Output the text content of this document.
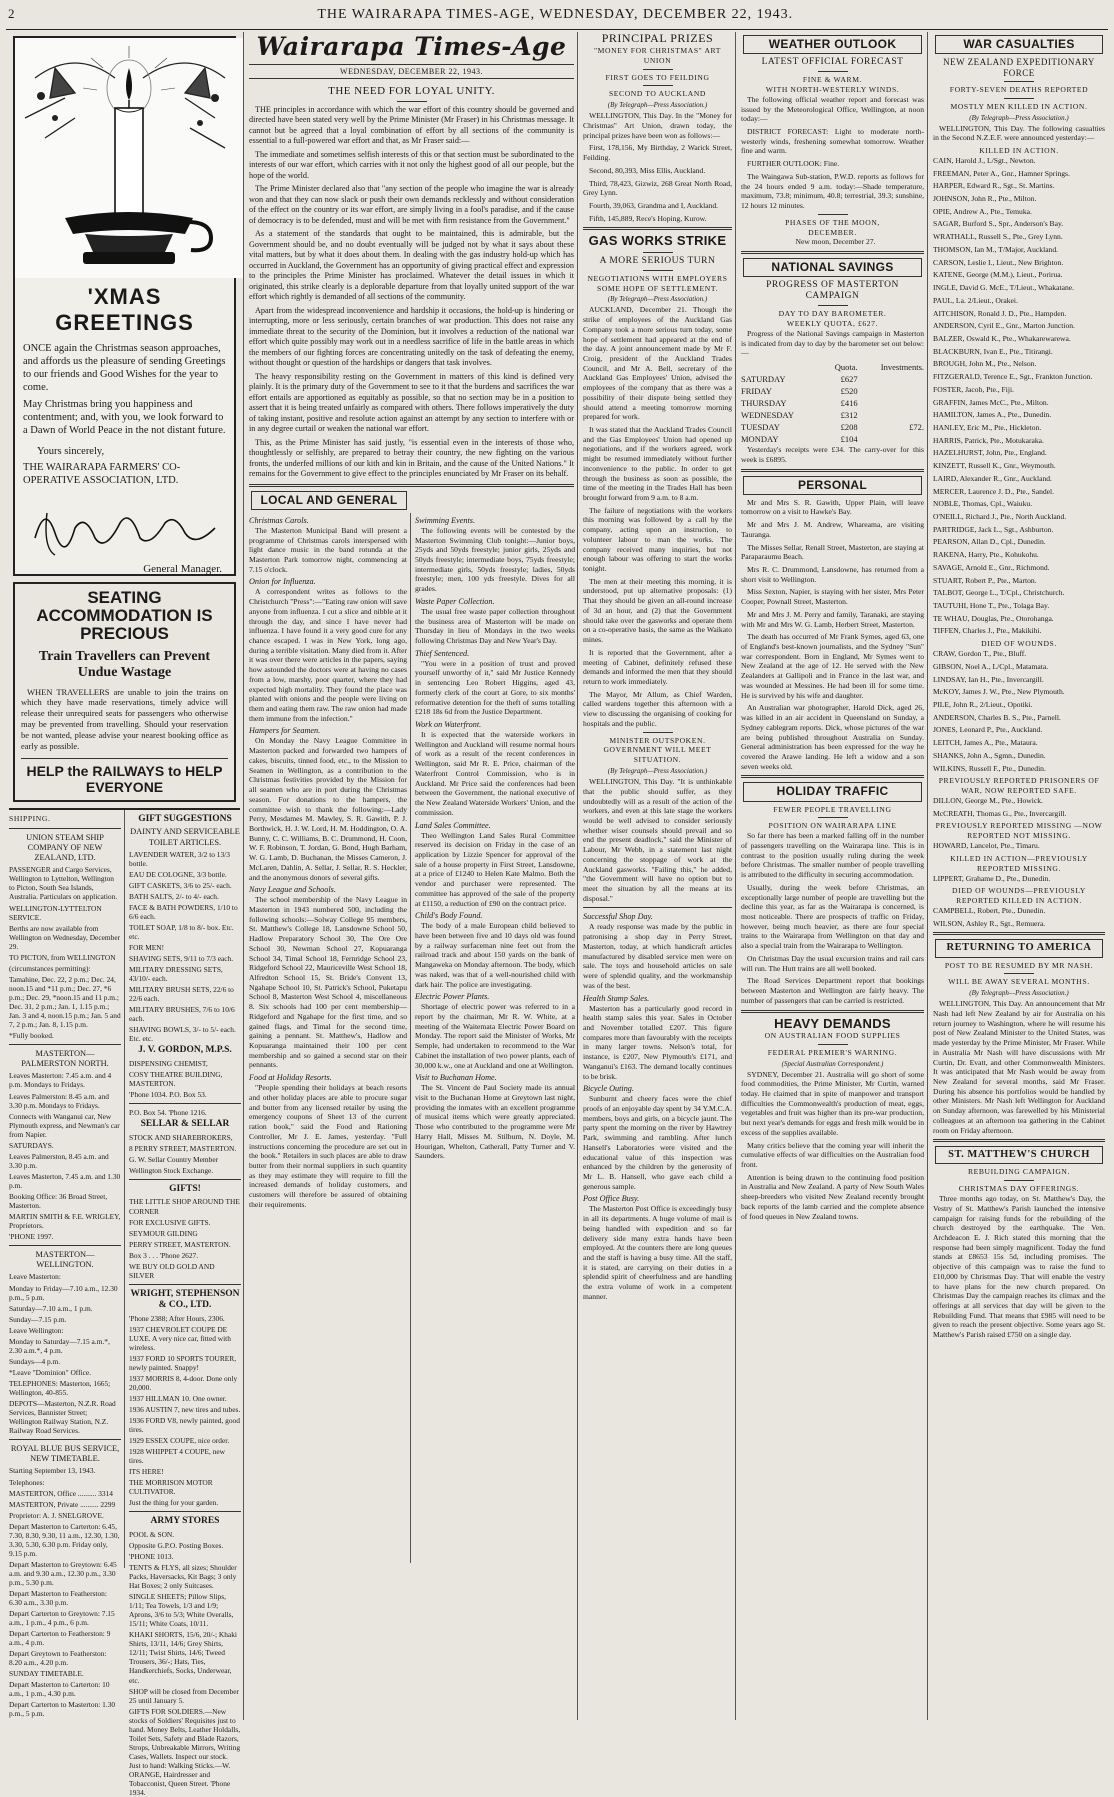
2	THE WAIRARAPA TIMES-AGE, WEDNESDAY, DECEMBER 22, 1943.
'XMAS GREETINGS

ONCE again the Christmas season approaches, and affords us the pleasure of sending Greetings to our friends and Good Wishes for the year to come.

May Christmas bring you happiness and contentment; and, with you, we look forward to a Dawn of World Peace in the not distant future.

Yours sincerely,

THE WAIRARAPA FARMERS' CO-OPERATIVE ASSOCIATION, LTD.

General Manager.
SEATING ACCOMMODATION IS PRECIOUS
Train Travellers can Prevent Undue Wastage

WHEN TRAVELLERS are unable to join the trains on which they have made reservations, timely advice will release their unrequired seats for passengers who otherwise may be prevented from travelling. Should your reservation be not wanted, please advise your nearest booking office as early as possible.

HELP the RAILWAYS to HELP EVERYONE
SHIPPING.

UNION STEAM SHIP COMPANY OF NEW ZEALAND, LTD.

PASSENGER and Cargo Services, Wellington to Lyttelton, Wellington to Picton, South Sea Islands, Australia. Particulars on application.

WELLINGTON-LYTTELTON SERVICE.

Berths are now available from Wellington on Wednesday, December 29.

TO PICTON, from WELLINGTON

(circumstances permitting):

Tamahine, Dec. 22, 2 p.m.; Dec. 24, noon.15 and *11 p.m.; Dec. 27, *6 p.m.; Dec. 29, *noon.15 and 11 p.m.; Dec. 31, 2 p.m.; Jan. 1, 1.15 p.m.; Jan. 3 and 4, noon.15 p.m.; Jan. 5 and 7, 2 p.m.; Jan. 8, 1.15 p.m.

*Fully booked.

MASTERTON—PALMERSTON NORTH.

Leaves Masterton: 7.45 a.m. and 4 p.m. Mondays to Fridays.

Leaves Palmerston: 8.45 a.m. and 3.30 p.m. Mondays to Fridays.

Connects with Wanganui car, New Plymouth express, and Newman's car from Napier.

SATURDAYS.

Leaves Palmerston, 8.45 a.m. and 3.30 p.m.

Leaves Masterton, 7.45 a.m. and 1.30 p.m.

Booking Office: 36 Broad Street, Masterton.

MARTIN SMITH & F.E. WRIGLEY, Proprietors.

'PHONE 1997.

MASTERTON—WELLINGTON.

Leave Masterton:

Monday to Friday—7.10 a.m., 12.30 p.m., 5 p.m.

Saturday—7.10 a.m., 1 p.m.

Sunday—7.15 p.m.

Leave Wellington:

Monday to Saturday—7.15 a.m.*, 2.30 a.m.*, 4 p.m.

Sundays—4 p.m.

*Leave "Dominion" Office.

TELEPHONES: Masterton, 1665; Wellington, 40-855.

DEPOTS—Masterton, N.Z.R. Road Services, Bannister Street; Wellington Railway Station, N.Z. Railway Road Services.

ROYAL BLUE BUS SERVICE, NEW TIMETABLE.

Starting September 13, 1943.

Telephones:

MASTERTON, Office .......... 3314

MASTERTON, Private .......... 2299

Proprietor: A. J. SNELGROVE.

Depart Masterton to Carterton: 6.45, 7.30, 8.30, 9.30, 11 a.m., 12.30, 1.30, 3.30, 5.30, 6.30 p.m. Friday only, 9.15 p.m.

Depart Masterton to Greytown: 6.45 a.m. and 9.30 a.m., 12.30 p.m., 3.30 p.m., 5.30 p.m.

Depart Masterton to Featherston: 6.30 a.m., 3.30 p.m.

Depart Carterton to Greytown: 7.15 a.m., 1 p.m., 4 p.m., 6 p.m.

Depart Carterton to Featherston: 9 a.m., 4 p.m.

Depart Greytown to Featherston: 8.20 a.m., 4.20 p.m.

SUNDAY TIMETABLE.

Depart Masterton to Carterton: 10 a.m., 1 p.m., 4.30 p.m.

Depart Carterton to Masterton: 1.30 p.m., 5 p.m.

GIFT SUGGESTIONS

DAINTY AND SERVICEABLE TOILET ARTICLES.

LAVENDER WATER, 3/2 to 13/3 bottle.

EAU DE COLOGNE, 3/3 bottle.

GIFT CASKETS, 3/6 to 25/- each.

BATH SALTS, 2/- to 4/- each.

FACE & BATH POWDERS, 1/10 to 6/6 each.

TOILET SOAP, 1/8 to 8/- box. Etc. etc.

FOR MEN!

SHAVING SETS, 9/11 to 7/3 each.

MILITARY DRESSING SETS, 43/10/- each.

MILITARY BRUSH SETS, 22/6 to 22/6 each.

MILITARY BRUSHES, 7/6 to 10/6 each.

SHAVING BOWLS, 3/- to 5/- each. Etc. etc.

J. V. GORDON, M.P.S.

DISPENSING CHEMIST,

COSY THEATRE BUILDING, MASTERTON.

'Phone 1034. P.O. Box 53.

P.O. Box 54. 'Phone 1216.

SELLAR & SELLAR

STOCK AND SHAREBROKERS,

8 PERRY STREET, MASTERTON.

G. W. Sellar Country Member

Wellington Stock Exchange.

GIFTS!

THE LITTLE SHOP AROUND THE CORNER

FOR EXCLUSIVE GIFTS.

SEYMOUR GILDING

PERRY STREET, MASTERTON.

Box 3 . . . 'Phone 2627.

WE BUY OLD GOLD AND SILVER

WRIGHT, STEPHENSON & CO., LTD.

'Phone 2388; After Hours, 2306.

1937 CHEVROLET COUPE DE LUXE. A very nice car, fitted with wireless.

1937 FORD 10 SPORTS TOURER, newly painted. Snappy!

1937 MORRIS 8, 4-door. Done only 20,000.

1937 HILLMAN 10. One owner.

1936 AUSTIN 7, new tires and tubes.

1936 FORD V8, newly painted, good tires.

1929 ESSEX COUPE, nice order.

1928 WHIPPET 4 COUPE, new tires.

ITS HERE!

THE MORRISON MOTOR CULTIVATOR.

Just the thing for your garden.

ARMY STORES

POOL & SON.

Opposite G.P.O. Posting Boxes.

'PHONE 1013.

TENTS & FLYS, all sizes; Shoulder Packs, Haversacks, Kit Bags; 3 only Hat Boxes; 2 only Suitcases.

SINGLE SHEETS; Pillow Slips, 1/11; Tea Towels, 1/3 and 1/9; Aprons, 3/6 to 5/3; White Overalls, 15/11; White Coats, 10/11.

KHAKI SHORTS, 15/6, 20/-; Khaki Shirts, 13/11, 14/6; Grey Shirts, 12/11; Twist Shirts, 14/6; Tweed Trousers, 36/-; Hats, Ties, Handkerchiefs, Socks, Underwear, etc.

SHOP will be closed from December 25 until January 5.

GIFTS FOR SOLDIERS.—New stocks of Soldiers' Requisites just to hand. Money Belts, Leather Holdalls, Toilet Sets, Safety and Blade Razors, Strops, Unbreakable Mirrors, Writing Cases, Wallets. Inspect our stock. Just to hand: Walking Sticks.—W. ORANGE, Hairdresser and Tobacconist, Queen Street. 'Phone 1934.

Wairarapa Times-Age
WEDNESDAY, DECEMBER 22, 1943.
THE NEED FOR LOYAL UNITY.

THE principles in accordance with which the war effort of this country should be governed and directed have been stated very well by the Prime Minister (Mr Fraser) in his Christmas message. It cannot but be agreed that a loyal combination of effort by all sections of the community is essential to a full-powered war effort and that, as Mr Fraser said:—

The immediate and sometimes selfish interests of this or that section must be subordinated to the interests of our war effort, which carries with it not only the highest good of all our people, but the hope of the world.

The Prime Minister declared also that "any section of the people who imagine the war is already won and that they can now slack or push their own demands recklessly and without consideration of the effect on the country or its war effort, are simply living in a fool's paradise, and if the cause of democracy is to be defended, must and will be met with firm resistance from the Government."

As a statement of the standards that ought to be maintained, this is admirable, but the Government should be, and no doubt eventually will be judged not by what it says about these vital matters, but by what it does about them. In dealing with the gas industry hold-up which has occurred in Auckland, the Government has an opportunity of giving practical effect and expression to the principles the Prime Minister has proclaimed. Whatever the detail issues in which it originated, this strike clearly is a deplorable departure from that loyally united support of the war effort which rightly is demanded of all sections of the community.

Apart from the widespread inconvenience and hardship it occasions, the hold-up is hindering or interrupting, more or less seriously, certain branches of war production. This does not raise any immediate threat to the security of the Dominion, but it involves a reduction of the national war effort which quite possibly may work out in a needless sacrifice of life in the battle areas in which the members of our fighting forces are concentrating unitedly on the task of defeating the enemy, without thought or question of the hardships or dangers that task involves.

The heavy responsibility resting on the Government in matters of this kind is defined very plainly. It is the primary duty of the Government to see to it that the burdens and sacrifices the war effort entails are apportioned as equitably as possible, so that no section may be in a position to assert that it is being treated unfairly as compared with others. There follows imperatively the duty of taking instant, positive and resolute action against an attempt by any section to interfere with or in any degree curtail or weaken the national war effort.

This, as the Prime Minister has said justly, "is essential even in the interests of those who, thoughtlessly or selfishly, are prepared to betray their country, the new fighting on the various fronts, the underfed millions of our kith and kin in Britain, and the cause of the United Nations." It remains for the Government to give effect to the principles enunciated by Mr Fraser on its behalf.

LOCAL AND GENERAL
Christmas Carols.

The Masterton Municipal Band will present a programme of Christmas carols interspersed with light dance music in the band rotunda at the Masterton Park tomorrow night, commencing at 7.15 o'clock.

Onion for Influenza.

A correspondent writes as follows to the Christchurch "Press":—"Eating raw onion will save anyone from influenza. I cut a slice and nibble at it through the day, and since I have never had influenza. I have found it a very good cure for any chance escaped. I was in New York, long ago, during a terrible visitation. Many died from it. After it was over there were articles in the papers, saying how astounded the doctors were at having no cases from a low, marshy, poor quarter, where they had expected high mortality. They found the place was planted with onions and the people were living on them and eating them raw. The raw onion had made them immune from the infection."

Hampers for Seamen.

On Monday the Navy League Committee in Masterton packed and forwarded two hampers of cakes, biscuits, tinned food, etc., to the Mission to Seamen in Wellington, as a contribution to the Christmas festivities provided by the Mission for all seamen who are in port during the Christmas season. For donations to the hampers, the committee wish to thank the following:—Lady Perry, Mesdames M. Mawley, S. R. Gawith, P. J. Borthwick, H. J. W. Lord, H. M. Hoddington, O. A. Bunny, C. C. Williams, B. C. Drummond, H. Coon, W. F. Robinson, T. Jordan, G. Bond, Hugh Barham, W. G. Lamb, D. Buchanan, the Misses Cameron, J. McLaren, Dahlin, A. Sellar, J. Sellar, R. S. Heckler, and the anonymous donors of several gifts.

Navy League and Schools.

The school membership of the Navy League in Masterton in 1943 numbered 500, including the following schools:—Solway College 95 members, St. Matthew's College 18, Lansdowne School 50, Hadlow Preparatory School 30, The Ore Ore School 30, Newman School 27, Kopuaranga School 34, Timal School 18, Fernridge School 23, Ridgeford School 22, Mauriceville West School 18, Alfredton School 15, St. Bride's Convent 13, Ngahape School 10, St. Patrick's School, Puketapu School 8, Masterton West School 4, miscellaneous 8. Six schools had 100 per cent membership—Ridgeford and Ngahape for the first time, and so gained flags, and Timal for the second time, gaining a pennant. St. Matthew's, Hadlow and Kopuaranga maintained their 100 per cent membership and so gained a second star on their pennants.

Food at Holiday Resorts.

"People spending their holidays at beach resorts and other holiday places are able to procure sugar and butter from any licensed retailer by using the emergency coupons of Sheet 13 of the current ration book," said the Food and Rationing Controller, Mr J. E. James, yesterday. "Full instructions concerning the procedure are set out in the book." Retailers in such places are able to draw butter from their normal suppliers in such quantity as they may estimate they will require to fill the increased demands of holiday customers, and customers will therefore be assured of obtaining their requirements.

Swimming Events.

The following events will be contested by the Masterton Swimming Club tonight:—Junior boys, 25yds and 50yds freestyle; junior girls, 25yds and 50yds freestyle; intermediate boys, 75yds freestyle; intermediate girls, 50yds freestyle; ladies, 50yds freestyle; men, 100 yds freestyle. Dives for all grades.

Waste Paper Collection.

The usual free waste paper collection throughout the business area of Masterton will be made on Thursday in lieu of Mondays in the two weeks following Christmas Day and New Year's Day.

Thief Sentenced.

"You were in a position of trust and proved yourself unworthy of it," said Mr Justice Kennedy in sentencing Leo Robert Higgins, aged 43, formerly clerk of the court at Gore, to six months' reformative detention for the theft of sums totalling £218 18s 6d from the Justice Department.

Work on Waterfront.

It is expected that the waterside workers in Wellington and Auckland will resume normal hours of work as a result of the recent conferences in Wellington, said Mr R. E. Price, chairman of the Waterfront Control Commission, who is in Auckland. Mr Price said the conferences had been between the Government, the national executive of the New Zealand Waterside Workers' Union, and the commission.

Land Sales Committee.

Theo Wellington Land Sales Rural Committee reserved its decision on Friday in the case of an application by Lizzie Spencer for approval of the sale of a house property in First Street, Lansdowne, at a price of £1240 to Helen Kate Malmo. Both the vendor and purchaser were represented. The committee has approved of the sale of the property at £1150, a reduction of £90 on the contract price.

Child's Body Found.

The body of a male European child believed to have been between five and 10 days old was found by a railway surfaceman nine feet out from the railroad track and about 150 yards on the bank of Mangaweka on Monday afternoon. The body, which was naked, was that of a well-nourished child with dark hair. The police are investigating.

Electric Power Plants.

Shortage of electric power was referred to in a report by the chairman, Mr R. W. White, at a meeting of the Waitemata Electric Power Board on Monday. The report said the Minister of Works, Mr Semple, had undertaken to recommend to the War Cabinet the installation of two power plants, each of 30,000 k.w., one at Auckland and one at Wellington.

Visit to Buchanan Home.

The St. Vincent de Paul Society made its annual visit to the Buchanan Home at Greytown last night, providing the inmates with an excellent programme of musical items which were greatly appreciated. Those who contributed to the programme were Mr Harry Hall, Misses M. Stilburn, N. Doyle, M. Hourigan, Whelton, Catherall, Patty Turner and V. Saunders.

PRINCIPAL PRIZES
"MONEY FOR CHRISTMAS" ART UNION
FIRST GOES TO FEILDING
SECOND TO AUCKLAND
(By Telegraph—Press Association.)

WELLINGTON, This Day. In the "Money for Christmas" Art Union, drawn today, the principal prizes have been won as follows:—

First, 178,156, My Birthday, 2 Warick Street, Feilding.

Second, 80,393, Miss Ellis, Auckland.

Third, 78,423, Gizwiz, 268 Great North Road, Grey Lynn.

Fourth, 39,063, Grandma and I, Auckland.

Fifth, 145,889, Rece's Hoping, Kurow.

GAS WORKS STRIKE
A MORE SERIOUS TURN
NEGOTIATIONS WITH EMPLOYERS
SOME HOPE OF SETTLEMENT.
(By Telegraph—Press Association.)

AUCKLAND, December 21. Though the strike of employees of the Auckland Gas Company took a more serious turn today, some hope of settlement had appeared at the end of the day. A joint announcement made by Mr F. Croig, president of the Auckland Trades Council, and Mr A. Bell, secretary of the Auckland Gas Employees' Union, advised the employees of the company that as there was a possibility of their dispute being settled they should attend a meeting tomorrow morning prepared for work.

It was stated that the Auckland Trades Council and the Gas Employees' Union had opened up negotiations, and if the workers agreed, work might be resumed immediately without further inconvenience to the public. In order to get through the business as soon as possible, the time of the meeting in the Trades Hall has been brought forward from 9 a.m. to 8 a.m.

The failure of negotiations with the workers this morning was followed by a call by the company, acting upon an instruction, to volunteer labour to man the works. The company received many inquiries, but not enough labour was offering to start the works tonight.

The men at their meeting this morning, it is understood, put up alternative proposals: (1) That they should be given an all-round increase of 3d an hour, and (2) that the Government should take over the gasworks and operate them on a co-operative basis, the same as the Waikato mines.

It is reported that the Government, after a meeting of Cabinet, definitely refused these demands and informed the men that they should return to work immediately.

The Mayor, Mr Allum, as Chief Warden, called wardens together this afternoon with a view to discussing the organising of cooking for hospitals and the public.

MINISTER OUTSPOKEN.
GOVERNMENT WILL MEET SITUATION.
(By Telegraph—Press Association.)

WELLINGTON, This Day. "It is unthinkable that the public should suffer, as they undoubtedly will as a result of the action of the workers, and even at this late stage the workers would be well advised to consider seriously whether wiser counsels should prevail and so end the present deadlock," said the Minister of Labour, Mr Webb, in a statement last night concerning the stoppage of work at the Auckland gasworks. "Failing this," he added, "the Government will have no option but to meet the situation by all the means at its disposal."

Successful Shop Day.

A ready response was made by the public in patronising a shop day in Perry Street, Masterton, today, at which handicraft articles manufactured by disabled service men were on sale. The toys and household articles on sale were of splendid quality, and the workmanship was of the best.

Health Stamp Sales.

Masterton has a particularly good record in health stamp sales this year. Sales in October and November totalled £207. This figure compares more than favourably with the receipts in many larger towns. Nelson's total, for instance, is £207, New Plymouth's £171, and Wanganui's £163. The demand locally continues to be brisk.

Bicycle Outing.

Sunburnt and cheery faces were the chief proofs of an enjoyable day spent by 34 Y.M.C.A. members, boys and girls, on a bicycle jaunt. The party spent the morning on the river by Hawtrey Park, swimming and rambling. After lunch Hansell's Laboratories were visited and the educational value of this inspection was enhanced by the children by the generosity of Mr L. B. Hansell, who gave each child a generous sample.

Post Office Busy.

The Masterton Post Office is exceedingly busy in all its departments. A huge volume of mail is being handled with expedition and so far delivery side many extra hands have been employed. At the counters there are long queues and the staff is having a busy time. All the staff, it is stated, are carrying on their duties in a splendid spirit of cheerfulness and are handling the extra volume of work in a competent manner.

WEATHER OUTLOOK
LATEST OFFICIAL FORECAST
FINE & WARM.
WITH NORTH-WESTERLY WINDS.

The following official weather report and forecast was issued by the Meteorological Office, Wellington, at noon today:—

DISTRICT FORECAST: Light to moderate north-westerly winds, freshening somewhat tomorrow. Weather fine and warm.

FURTHER OUTLOOK: Fine.

The Waingawa Sub-station, P.W.D. reports as follows for the 24 hours ended 9 a.m. today:—Shade temperature, maximum, 73.8; minimum, 40.8; terrestrial, 39.3; sunshine, 12 hours 12 minutes.

PHASES OF THE MOON,
DECEMBER.

New moon, December 27.

NATIONAL SAVINGS
PROGRESS OF MASTERTON CAMPAIGN
DAY TO DAY BAROMETER.
WEEKLY QUOTA, £627.

Progress of the National Savings campaign in Masterton is indicated from day to day by the barometer set out below:—

	Quota.	Investments.
SATURDAY	£627	
FRIDAY	£520	
THURSDAY	£416	
WEDNESDAY	£312	
TUESDAY	£208	£72.
MONDAY	£104	

Yesterday's receipts were £34. The carry-over for this week is £6895.

PERSONAL

Mr and Mrs S. R. Gawith, Upper Plain, will leave tomorrow on a visit to Hawke's Bay.

Mr and Mrs J. M. Andrew, Whareama, are visiting Tauranga.

The Misses Sellar, Renall Street, Masterton, are staying at Paraparaumu Beach.

Mrs R. C. Drummond, Lansdowne, has returned from a short visit to Wellington.

Miss Sexton, Napier, is staying with her sister, Mrs Peter Cooper, Pownall Street, Masterton.

Mr and Mrs J. M. Perry and family, Taranaki, are staying with Mr and Mrs W. G. Lamb, Herbert Street, Masterton.

The death has occurred of Mr Frank Symes, aged 63, one of England's best-known journalists, and the Sydney "Sun" war correspondent. Born in England, Mr Symes went to New Zealand at the age of 12. He served with the New Zealanders at Gallipoli and in France in the last war, and was wounded at Messines. He had been ill for some time. He is survived by his wife and daughter.

An Australian war photographer, Harold Dick, aged 26, was killed in an air accident in Queensland on Sunday, a Sydney cablegram reports. Dick, whose pictures of the war are being published throughout Australia on Sunday. General administration has been expressed for the way he covered the Arawe landing. He left a widow and a son seven weeks old.

HOLIDAY TRAFFIC
FEWER PEOPLE TRAVELLING
POSITION ON WAIRARAPA LINE

So far there has been a marked falling off in the number of passengers travelling on the Wairarapa line. This is in contrast to the position usually ruling during the week before Christmas. The smaller number of people travelling is attributed to the difficulty in securing accommodation.

Usually, during the week before Christmas, an exceptionally large number of people are travelling but the decline this year, as far as the Wairarapa is concerned, is most noticeable. There are prospects of traffic on Friday, however, being much heavier, as there are four special trains to the Wairarapa from Wellington on that day and also a special train from the Wairarapa to Wellington.

On Christmas Day the usual excursion trains and rail cars will run. The Hutt trains are all well booked.

The Road Services Department report that bookings between Masterton and Wellington are fairly heavy. The number of passengers that can be carried is restricted.

HEAVY DEMANDS
ON AUSTRALIAN FOOD SUPPLIES
FEDERAL PREMIER'S WARNING.
(Special Australian Correspondent.)

SYDNEY, December 21. Australia will go short of some food commodities, the Prime Minister, Mr Curtin, warned today. He claimed that in spite of manpower and transport difficulties the Commonwealth's production of meat, eggs, vegetables and fruit was higher than its pre-war production, but next year's demands for eggs and fresh milk would be in excess of the supplies available.

Many critics believe that the coming year will inherit the cumulative effects of war difficulties on the Australian food front.

Attention is being drawn to the continuing food position in Australia and New Zealand. A party of New South Wales sheep-breeders who visited New Zealand recently brought back reports of the lamb carried and the complete absence of food queues in New Zealand towns.

WAR CASUALTIES
NEW ZEALAND EXPEDITIONARY FORCE
FORTY-SEVEN DEATHS REPORTED
MOSTLY MEN KILLED IN ACTION.
(By Telegraph—Press Association.)

WELLINGTON, This Day. The following casualties in the Second N.Z.E.F. were announced yesterday:—

KILLED IN ACTION.

CAIN, Harold J., L/Sgt., Newton.

FREEMAN, Peter A., Gnr., Hamner Springs.

HARPER, Edward R., Sgt., St. Martins.

JOHNSON, John R., Pte., Milton.

OPIE, Andrew A., Pte., Temuka.

SAGAR, Burford S., Spr., Anderson's Bay.

WRATHALL, Russell S., Pte., Grey Lynn.

THOMSON, Ian M., T/Major, Auckland.

CARSON, Leslie I., Lieut., New Brighton.

KATENE, George (M.M.), Lieut., Porirua.

INGLE, David G. McE., T/Lieut., Whakatane.

PAUL, La. 2/Lieut., Orakei.

AITCHISON, Ronald J. D., Pte., Hampden.

ANDERSON, Cyril E., Gnr., Marton Junction.

BALZER, Oswald K., Pte., Whakarewarewa.

BLACKBURN, Ivan E., Pte., Titirangi.

BROUGH, John M., Pte., Nelson.

FITZGERALD, Terence E., Sgt., Frankton Junction.

FOSTER, Jacob, Pte., Fiji.

GRAFFIN, James McC., Pte., Milton.

HAMILTON, James A., Pte., Dunedin.

HANLEY, Eric M., Pte., Hickleton.

HARRIS, Patrick, Pte., Motukaraka.

HAZELHURST, John, Pte., England.

KINZETT, Russell K., Gnr., Weymouth.

LAIRD, Alexander R., Gnr., Auckland.

MERCER, Laurence J. D., Pte., Sandel.

NOBLE, Thomas, Cpl., Waiuku.

O'NEILL, Richard J., Pte., North Auckland.

PARTRIDGE, Jack L., Sgt., Ashburton.

PEARSON, Allan D., Cpl., Dunedin.

RAKENA, Harry, Pte., Kohukohu.

SAVAGE, Arnold E., Gnr., Richmond.

STUART, Robert P., Pte., Marton.

TALBOT, George L., T/Cpl., Christchurch.

TAUTUHI, Hone T., Pte., Tolaga Bay.

TE WHAU, Douglas, Pte., Otorohanga.

TIFFEN, Charles J., Pte., Makikihi.

DIED OF WOUNDS.

CRAW, Gordon T., Pte., Bluff.

GIBSON, Noel A., L/Cpl., Matamata.

LINDSAY, Ian H., Pte., Invercargill.

McKOY, James J. W., Pte., New Plymouth.

PILE, John R., 2/Lieut., Opotiki.

ANDERSON, Charles B. S., Pte., Parnell.

JONES, Leonard P., Pte., Auckland.

LEITCH, James A., Pte., Mataura.

SHANKS, John A., Sgmn., Dunedin.

WILKINS, Russell F., Pte., Dunedin.

PREVIOUSLY REPORTED PRISONERS OF WAR, NOW REPORTED SAFE.

DILLON, George M., Pte., Howick.

McCREATH, Thomas G., Pte., Invercargill.

PREVIOUSLY REPORTED MISSING —NOW REPORTED NOT MISSING.

HOWARD, Lancelot, Pte., Timaru.

KILLED IN ACTION—PREVIOUSLY REPORTED MISSING.

LIPPERT, Grahame D., Pte., Dunedin.

DIED OF WOUNDS—PREVIOUSLY REPORTED KILLED IN ACTION.

CAMPBELL, Robert, Pte., Dunedin.

WILSON, Ashley R., Sgt., Remuera.

RETURNING TO AMERICA
POST TO BE RESUMED BY MR NASH.
WILL BE AWAY SEVERAL MONTHS.
(By Telegraph—Press Association.)

WELLINGTON, This Day. An announcement that Mr Nash had left New Zealand by air for Australia on his return journey to Washington, where he will resume his post of New Zealand Minister to the United States, was made yesterday by the Prime Minister, Mr Fraser. While in Australia Mr Nash will have discussions with Mr Curtin, Dr. Evatt, and other Commonwealth Ministers. It was anticipated that Mr Nash would be away from New Zealand for several months, said Mr Fraser. During his absence his portfolios would be handled by other Ministers. Mr Nash left Wellington for Auckland on Sunday afternoon, was farewelled by his Ministerial colleagues at an afternoon tea gathering in the Cabinet room on Friday afternoon.

ST. MATTHEW'S CHURCH
REBUILDING CAMPAIGN.
CHRISTMAS DAY OFFERINGS.

Three months ago today, on St. Matthew's Day, the Vestry of St. Matthew's Parish launched the intensive campaign for raising funds for the rebuilding of the church destroyed by the earthquake. The Ven. Archdeacon E. J. Rich stated this morning that the response had been simply magnificent. Today the fund stands at £8653 15s 5d, including promises. The objective of this campaign was to raise the fund to £10,000 by Christmas Day. That will enable the vestry to have plans for the new church prepared. On Christmas Day the campaign reaches its climax and the offerings at all services that day will be given to the Rebuilding Fund. That means that £985 will need to be given to reach the present objective. Some years ago St. Matthew's Parish raised £750 on a single day.
